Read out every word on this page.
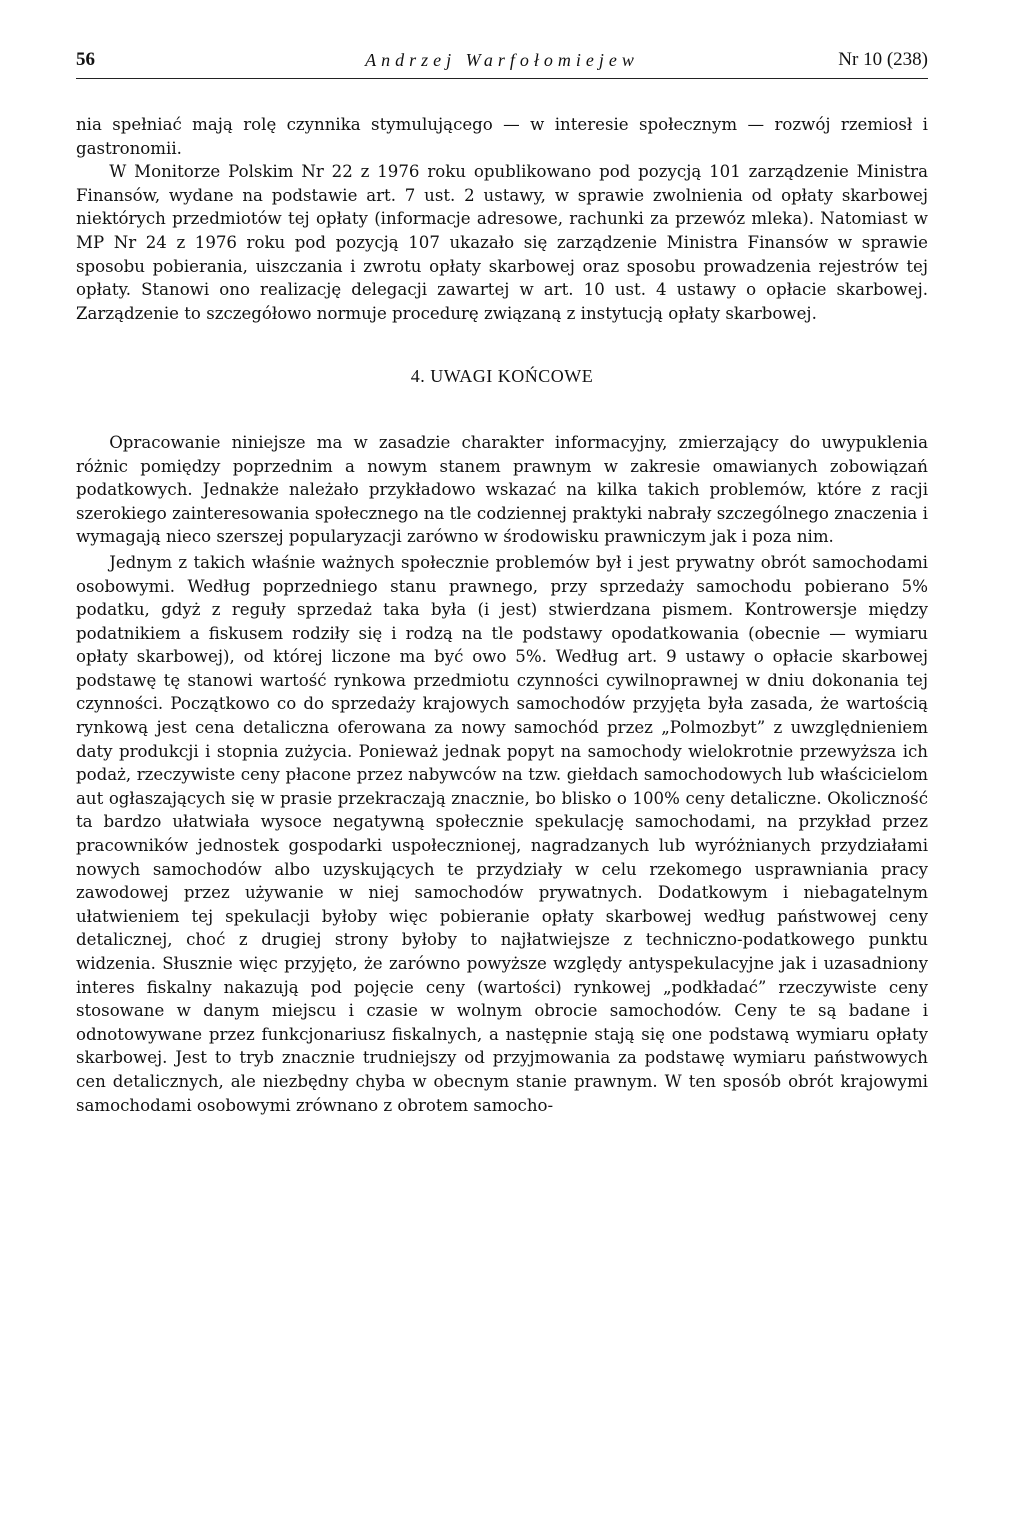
56	Andrzej Warfołomiejew	Nr 10 (238)

nia spełniać mają rolę czynnika stymulującego — w interesie społecznym — rozwój rzemiosł i gastronomii.

W Monitorze Polskim Nr 22 z 1976 roku opublikowano pod pozycją 101 zarządzenie Ministra Finansów, wydane na podstawie art. 7 ust. 2 ustawy, w sprawie zwolnienia od opłaty skarbowej niektórych przedmiotów tej opłaty (informacje adresowe, rachunki za przewóz mleka). Natomiast w MP Nr 24 z 1976 roku pod pozycją 107 ukazało się zarządzenie Ministra Finansów w sprawie sposobu pobierania, uiszczania i zwrotu opłaty skarbowej oraz sposobu prowadzenia rejestrów tej opłaty. Stanowi ono realizację delegacji zawartej w art. 10 ust. 4 ustawy o opłacie skarbowej. Zarządzenie to szczegółowo normuje procedurę związaną z instytucją opłaty skarbowej.

4. UWAGI KOŃCOWE

Opracowanie niniejsze ma w zasadzie charakter informacyjny, zmierzający do uwypuklenia różnic pomiędzy poprzednim a nowym stanem prawnym w zakresie omawianych zobowiązań podatkowych. Jednakże należało przykładowo wskazać na kilka takich problemów, które z racji szerokiego zainteresowania społecznego na tle codziennej praktyki nabrały szczególnego znaczenia i wymagają nieco szerszej popularyzacji zarówno w środowisku prawniczym jak i poza nim.

Jednym z takich właśnie ważnych społecznie problemów był i jest prywatny obrót samochodami osobowymi. Według poprzedniego stanu prawnego, przy sprzedaży samochodu pobierano 5% podatku, gdyż z reguły sprzedaż taka była (i jest) stwierdzana pismem. Kontrowersje między podatnikiem a fiskusem rodziły się i rodzą na tle podstawy opodatkowania (obecnie — wymiaru opłaty skarbowej), od której liczone ma być owo 5%. Według art. 9 ustawy o opłacie skarbowej podstawę tę stanowi wartość rynkowa przedmiotu czynności cywilnoprawnej w dniu dokonania tej czynności. Początkowo co do sprzedaży krajowych samochodów przyjęta była zasada, że wartością rynkową jest cena detaliczna oferowana za nowy samochód przez „Polmozbyt” z uwzględnieniem daty produkcji i stopnia zużycia. Ponieważ jednak popyt na samochody wielokrotnie przewyższa ich podaż, rzeczywiste ceny płacone przez nabywców na tzw. giełdach samochodowych lub właścicielom aut ogłaszających się w prasie przekraczają znacznie, bo blisko o 100% ceny detaliczne. Okoliczność ta bardzo ułatwiała wysoce negatywną społecznie spekulację samochodami, na przykład przez pracowników jednostek gospodarki uspołecznionej, nagradzanych lub wyróżnianych przydziałami nowych samochodów albo uzyskujących te przydziały w celu rzekomego usprawniania pracy zawodowej przez używanie w niej samochodów prywatnych. Dodatkowym i niebagatelnym ułatwieniem tej spekulacji byłoby więc pobieranie opłaty skarbowej według państwowej ceny detalicznej, choć z drugiej strony byłoby to najłatwiejsze z techniczno-podatkowego punktu widzenia. Słusznie więc przyjęto, że zarówno powyższe względy antyspekulacyjne jak i uzasadniony interes fiskalny nakazują pod pojęcie ceny (wartości) rynkowej „podkładać” rzeczywiste ceny stosowane w danym miejscu i czasie w wolnym obrocie samochodów. Ceny te są badane i odnotowywane przez funkcjonariusz fiskalnych, a następnie stają się one podstawą wymiaru opłaty skarbowej. Jest to tryb znacznie trudniejszy od przyjmowania za podstawę wymiaru państwowych cen detalicznych, ale niezbędny chyba w obecnym stanie prawnym. W ten sposób obrót krajowymi samochodami osobowymi zrównano z obrotem samocho-
